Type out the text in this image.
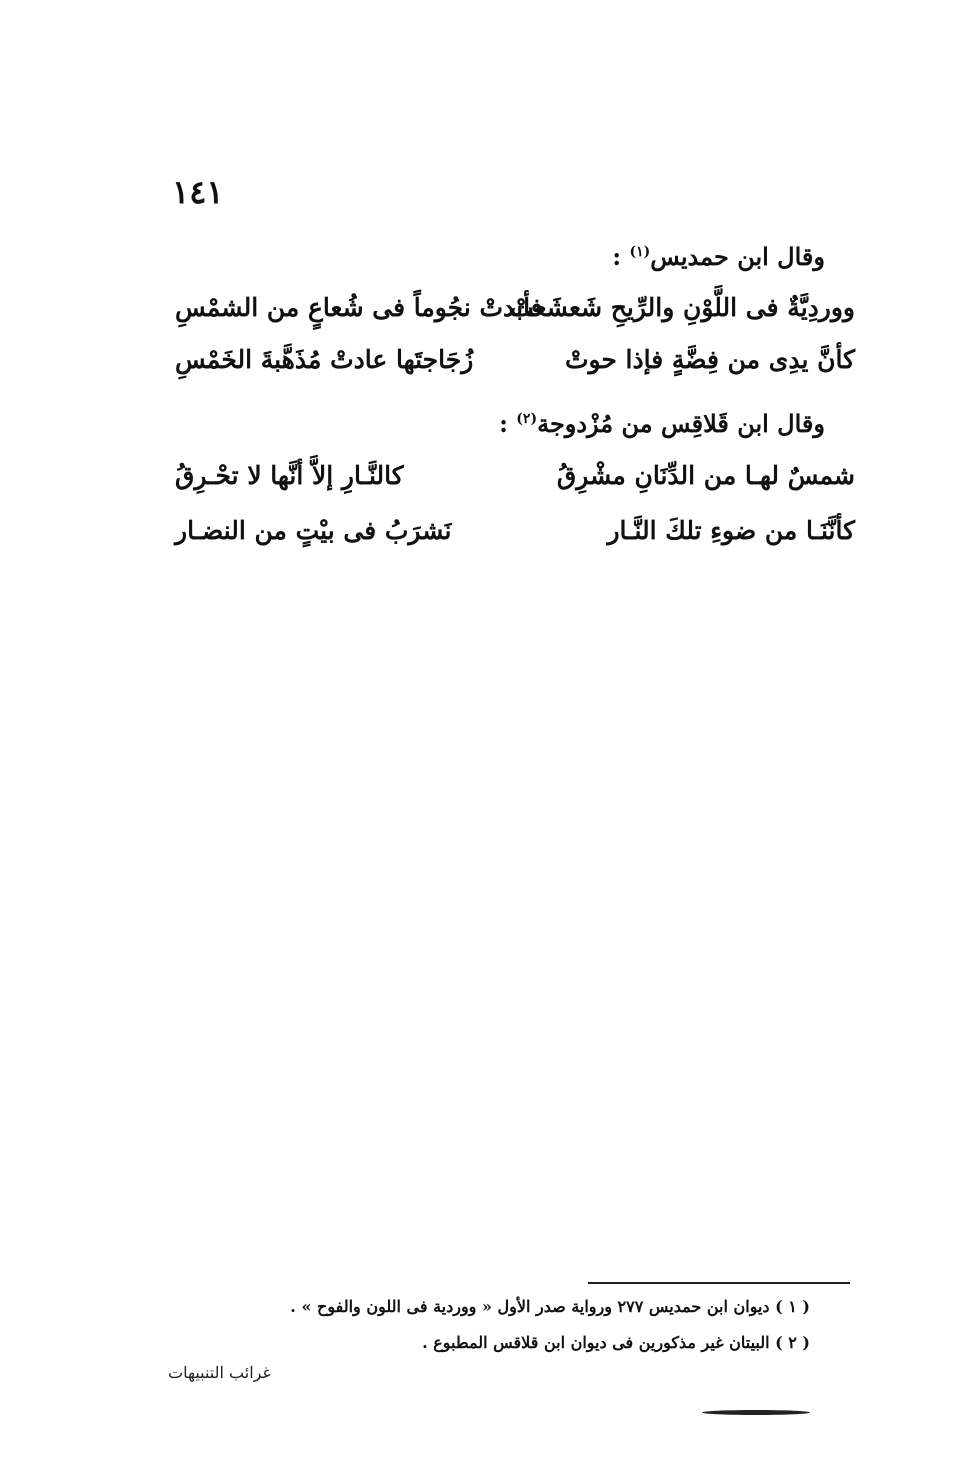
١٤١
وقال ابن حمديس$^{(١)}$ :
ووردِيَّةٌ فى اللَّوْنِ والرِّيحِ شَعشَعتْ
فأبدتْ نجُوماً فى شُعاعٍ من الشمْسِ
كأنَّ يدِى من فِضَّةٍ فإذا حوتْ
زُجَاجتَها عادتْ مُذَهَّبةَ الخَمْسِ
وقال ابن قَلاقِس من مُزْدوجة$^{(٢)}$ :
شمسٌ لهـا من الدِّنَانِ مشْرِقُ
كالنَّـارِ إلاَّ أنَّها لا تحْـرِقُ
كأنَّنَـا من ضوءِ تلكَ النَّـار
نَشرَبُ فى بيْتٍ من النضـار
( ١ ) ديوان ابن حمديس ٢٧٧ ورواية صدر الأول « ووردية فى اللون والفوح » .
( ٢ ) البيتان غير مذكورين فى ديوان ابن قلاقس المطبوع .
غرائب التنبيهات
